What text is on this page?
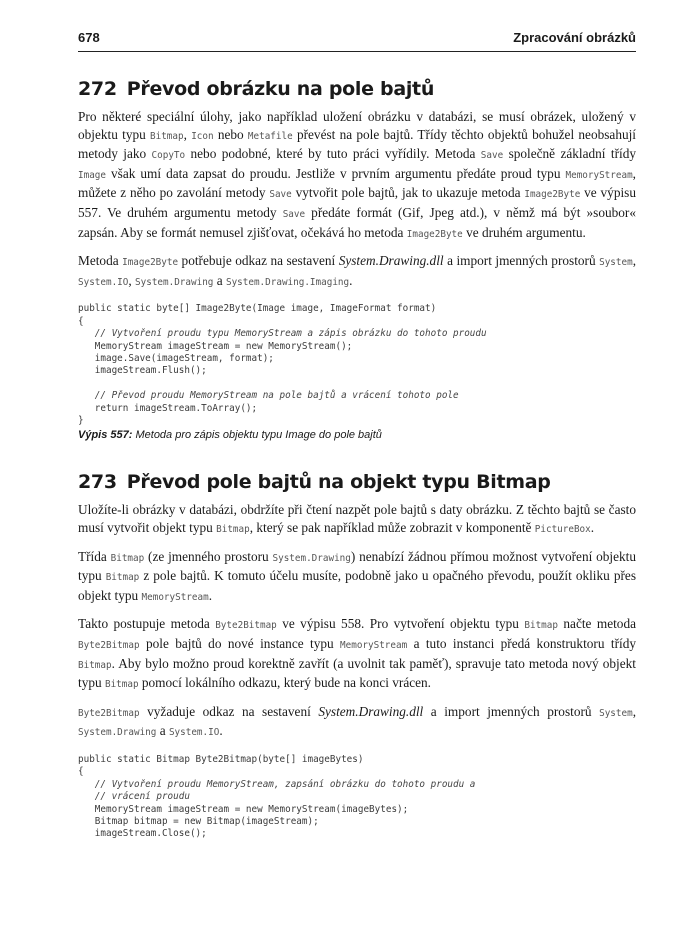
678	Zpracování obrázků
272 Převod obrázku na pole bajtů

Pro některé speciální úlohy, jako například uložení obrázku v databázi, se musí obrázek, uložený v objektu typu Bitmap, Icon nebo Metafile převést na pole bajtů. Třídy těchto objektů bohužel neobsahují metody jako CopyTo nebo podobné, které by tuto práci vyřídily. Metoda Save společně základní třídy Image však umí data zapsat do proudu. Jestliže v prvním argumentu předáte proud typu MemoryStream, můžete z něho po zavolání metody Save vytvořit pole bajtů, jak to ukazuje metoda Image2Byte ve výpisu 557. Ve druhém argumentu metody Save předáte formát (Gif, Jpeg atd.), v němž má být »soubor« zapsán. Aby se formát nemusel zjišťovat, očekává ho metoda Image2Byte ve druhém argumentu.

Metoda Image2Byte potřebuje odkaz na sestavení System.Drawing.dll a import jmenných prostorů System, System.IO, System.Drawing a System.Drawing.Imaging.

public static byte[] Image2Byte(Image image, ImageFormat format)
{
// Vytvoření proudu typu MemoryStream a zápis obrázku do tohoto proudu
MemoryStream imageStream = new MemoryStream();
image.Save(imageStream, format);
imageStream.Flush();

// Převod proudu MemoryStream na pole bajtů a vrácení tohoto pole
return imageStream.ToArray();
}
Výpis 557: Metoda pro zápis objektu typu Image do pole bajtů
273 Převod pole bajtů na objekt typu Bitmap

Uložíte-li obrázky v databázi, obdržíte při čtení nazpět pole bajtů s daty obrázku. Z těchto bajtů se často musí vytvořit objekt typu Bitmap, který se pak například může zobrazit v komponentě PictureBox.

Třída Bitmap (ze jmenného prostoru System.Drawing) nenabízí žádnou přímou možnost vytvoření objektu typu Bitmap z pole bajtů. K tomuto účelu musíte, podobně jako u opačného převodu, použít okliku přes objekt typu MemoryStream.

Takto postupuje metoda Byte2Bitmap ve výpisu 558. Pro vytvoření objektu typu Bitmap načte metoda Byte2Bitmap pole bajtů do nové instance typu MemoryStream a tuto instanci předá konstruktoru třídy Bitmap. Aby bylo možno proud korektně zavřít (a uvolnit tak paměť), spravuje tato metoda nový objekt typu Bitmap pomocí lokálního odkazu, který bude na konci vrácen.

Byte2Bitmap vyžaduje odkaz na sestavení System.Drawing.dll a import jmenných prostorů System, System.Drawing a System.IO.

public static Bitmap Byte2Bitmap(byte[] imageBytes)
{
// Vytvoření proudu MemoryStream, zapsání obrázku do tohoto proudu a
// vrácení proudu
MemoryStream imageStream = new MemoryStream(imageBytes);
Bitmap bitmap = new Bitmap(imageStream);
imageStream.Close();
